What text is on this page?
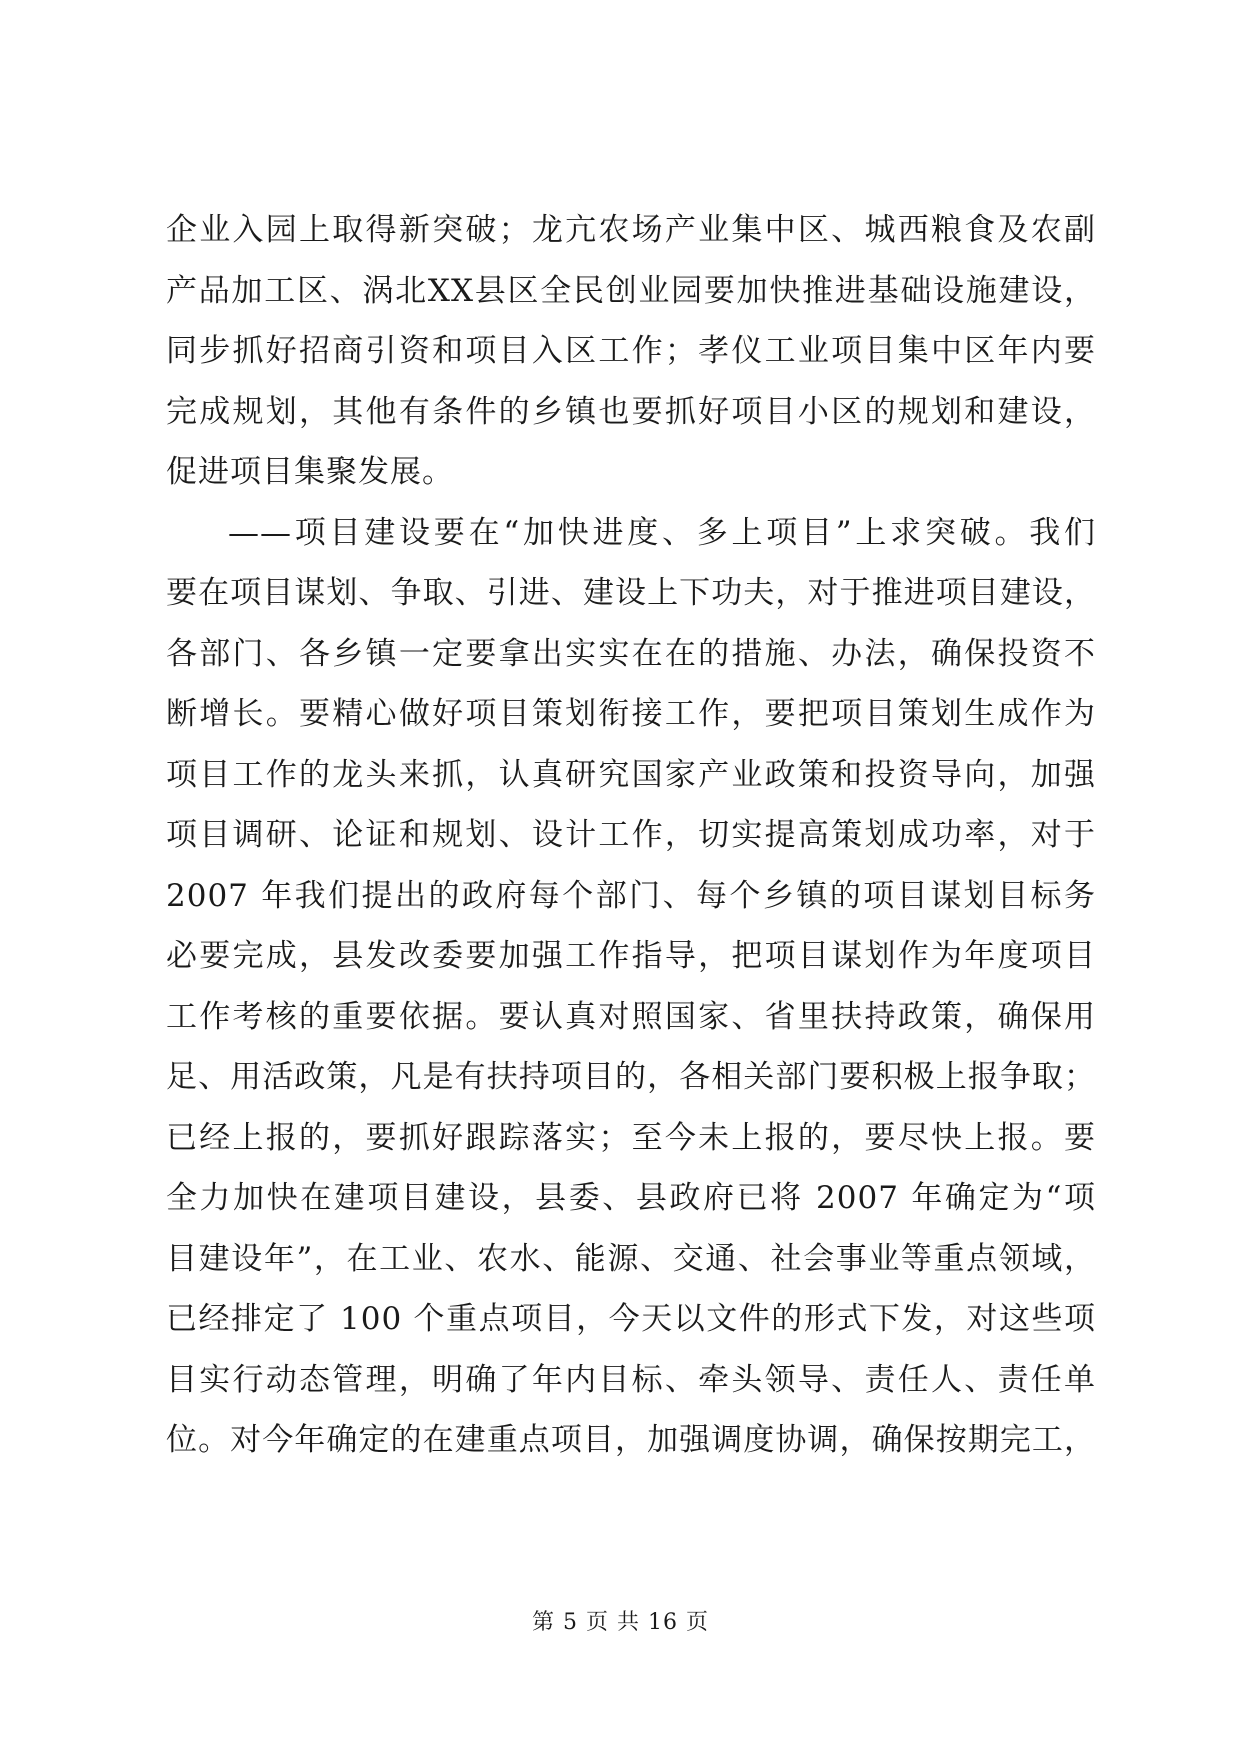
企业入园上取得新突破；龙亢农场产业集中区、城西粮食及农副
产品加工区、涡北XX县区全民创业园要加快推进基础设施建设，
同步抓好招商引资和项目入区工作；孝仪工业项目集中区年内要
完成规划，其他有条件的乡镇也要抓好项目小区的规划和建设，
促进项目集聚发展。
——项目建设要在“加快进度、多上项目”上求突破。我们
要在项目谋划、争取、引进、建设上下功夫，对于推进项目建设，
各部门、各乡镇一定要拿出实实在在的措施、办法，确保投资不
断增长。要精心做好项目策划衔接工作，要把项目策划生成作为
项目工作的龙头来抓，认真研究国家产业政策和投资导向，加强
项目调研、论证和规划、设计工作，切实提高策划成功率，对于
2007 年我们提出的政府每个部门、每个乡镇的项目谋划目标务
必要完成，县发改委要加强工作指导，把项目谋划作为年度项目
工作考核的重要依据。要认真对照国家、省里扶持政策，确保用
足、用活政策，凡是有扶持项目的，各相关部门要积极上报争取；
已经上报的，要抓好跟踪落实；至今未上报的，要尽快上报。要
全力加快在建项目建设，县委、县政府已将 2007 年确定为“项
目建设年”，在工业、农水、能源、交通、社会事业等重点领域，
已经排定了 100 个重点项目，今天以文件的形式下发，对这些项
目实行动态管理，明确了年内目标、牵头领导、责任人、责任单
位。对今年确定的在建重点项目，加强调度协调，确保按期完工，
第 5 页 共 16 页
